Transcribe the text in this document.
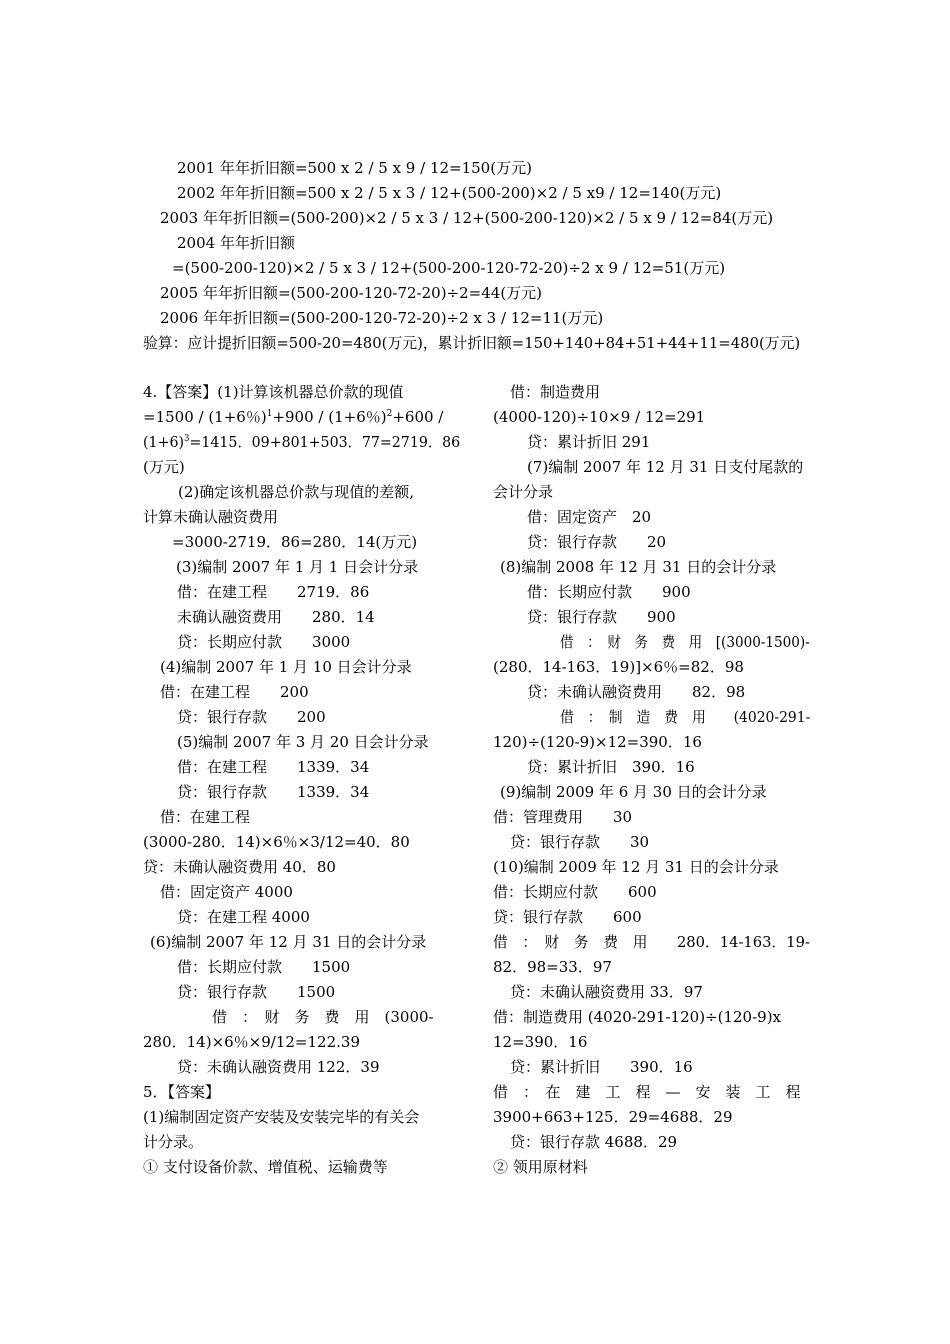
2001 年年折旧额=500 x 2 / 5 x 9 / 12=150(万元)
2002 年年折旧额=500 x 2 / 5 x 3 / 12+(500-200)×2 / 5 x9 / 12=140(万元)
2003 年年折旧额=(500-200)×2 / 5 x 3 / 12+(500-200-120)×2 / 5 x 9 / 12=84(万元)
2004 年年折旧额
=(500-200-120)×2 / 5 x 3 / 12+(500-200-120-72-20)÷2 x 9 / 12=51(万元)
2005 年年折旧额=(500-200-120-72-20)÷2=44(万元)
2006 年年折旧额=(500-200-120-72-20)÷2 x 3 / 12=11(万元)
验算：应计提折旧额=500-20=480(万元)，累计折旧额=150+140+84+51+44+11=480(万元)
4.【答案】(1)计算该机器总价款的现值
=1500 / (1+6％)$^1$+900 / (1+6％)$^2$+600 /
$(1+6)^3=1415$．09+801+503．77=2719．86
(万元)
(2)确定该机器总价款与现值的差额,
计算未确认融资费用
=3000-2719．86=280．14(万元)
(3)编制 2007 年 1 月 1 日会计分录
借：在建工程　　2719．86
未确认融资费用　　280．14
贷：长期应付款　　3000
(4)编制 2007 年 1 月 10 日会计分录
借：在建工程　　200
贷：银行存款　　200
(5)编制 2007 年 3 月 20 日会计分录
借：在建工程　　1339．34
贷：银行存款　　1339．34
借：在建工程
(3000-280．14)×6％×3/12=40．80
贷：未确认融资费用 40．80
借：固定资产 4000
贷：在建工程 4000
(6)编制 2007 年 12 月 31 日的会计分录
借：长期应付款　　1500
贷：银行存款　　1500
借　：　财　务　费　用　(3000-
280．14)×6％×9/12=122.39
贷：未确认融资费用 122．39
5．【答案】
(1)编制固定资产安装及安装完毕的有关会
计分录。
① 支付设备价款、增值税、运输费等
借：制造费用
(4000-120)÷10×9 / 12=291
贷：累计折旧 291
(7)编制 2007 年 12 月 31 日支付尾款的
会计分录
借：固定资产　20
贷：银行存款　　20
(8)编制 2008 年 12 月 31 日的会计分录
借：长期应付款　　900
贷：银行存款　　900
借　：　财　务　费　用　[(3000-1500)-
(280．14-163．19)]×6％=82．98
贷：未确认融资费用　　82．98
借　：　制　造　费　用　　(4020-291-
120)÷(120-9)×12=390．16
贷：累计折旧　390．16
(9)编制 2009 年 6 月 30 日的会计分录
借：管理费用　　30
贷：银行存款　　30
(10)编制 2009 年 12 月 31 日的会计分录
借：长期应付款　　600
贷：银行存款　　600
借　：　财　务　费　用　　280．14-163．19-
82．98=33．97
贷：未确认融资费用 33．97
借：制造费用 (4020-291-120)÷(120-9)x
12=390．16
贷：累计折旧　　390．16
借　：　在　建　工　程　—　安　装　工　程
3900+663+125．29=4688．29
贷：银行存款 4688．29
② 领用原材料
